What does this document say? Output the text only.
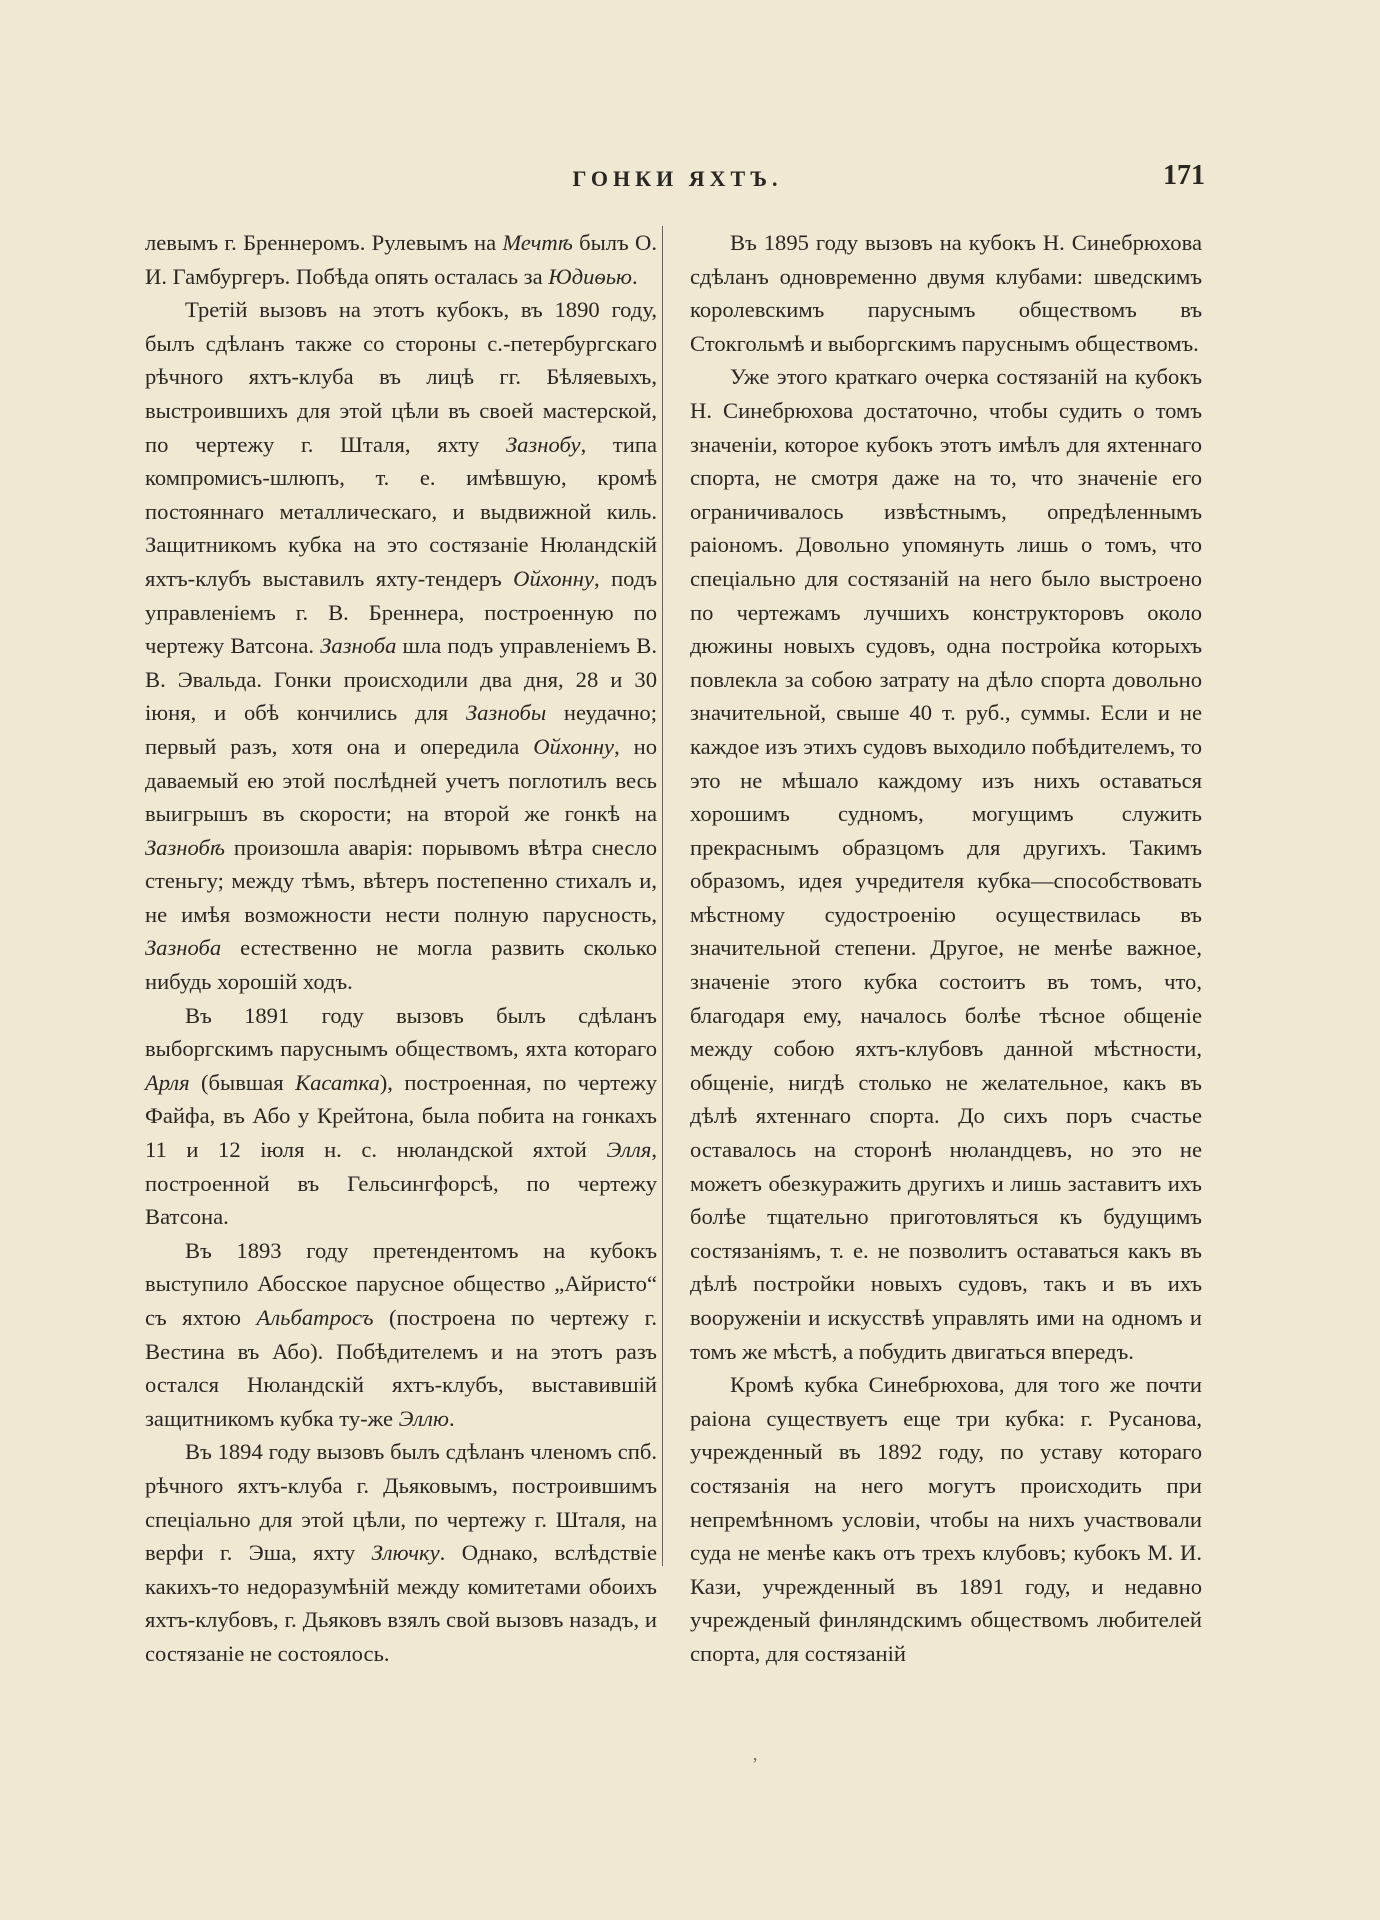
ГОНКИ ЯХТЪ.	171

левымъ г. Бреннеромъ. Рулевымъ на Мечтѣ былъ О. И. Гамбургеръ. Побѣда опять осталась за Юдиѳью.

Третій вызовъ на этотъ кубокъ, въ 1890 году, былъ сдѣланъ также со стороны с.-петербургскаго рѣчного яхтъ-клуба въ лицѣ гг. Бѣляевыхъ, выстроившихъ для этой цѣли въ своей мастерской, по чертежу г. Шталя, яхту Зазнобу, типа компромисъ-шлюпъ, т. е. имѣвшую, кромѣ постояннаго металлическаго, и выдвижной киль. Защитникомъ кубка на это состязаніе Нюландскій яхтъ-клубъ выставилъ яхту-тендеръ Ойхонну, подъ управленіемъ г. В. Бреннера, построенную по чертежу Ватсона. Зазноба шла подъ управленіемъ В. В. Эвальда. Гонки происходили два дня, 28 и 30 іюня, и обѣ кончились для Зазнобы неудачно; первый разъ, хотя она и опередила Ойхонну, но даваемый ею этой послѣдней учетъ поглотилъ весь выигрышъ въ скорости; на второй же гонкѣ на Зазнобѣ произошла аварія: порывомъ вѣтра снесло стеньгу; между тѣмъ, вѣтеръ постепенно стихалъ и, не имѣя возможности нести полную парусность, Зазноба естественно не могла развить сколько нибудь хорошій ходъ.

Въ 1891 году вызовъ былъ сдѣланъ выборгскимъ паруснымъ обществомъ, яхта котораго Арля (бывшая Касатка), построенная, по чертежу Файфа, въ Або у Крейтона, была побита на гонкахъ 11 и 12 іюля н. с. нюландской яхтой Элля, построенной въ Гельсингфорсѣ, по чертежу Ватсона.

Въ 1893 году претендентомъ на кубокъ выступило Абосское парусное общество „Айристо“ съ яхтою Альбатросъ (построена по чертежу г. Вестина въ Або). Побѣдителемъ и на этотъ разъ остался Нюландскій яхтъ-клубъ, выставившій защитникомъ кубка ту-же Эллю.

Въ 1894 году вызовъ былъ сдѣланъ членомъ спб. рѣчного яхтъ-клуба г. Дьяковымъ, построившимъ спеціально для этой цѣли, по чертежу г. Шталя, на верфи г. Эша, яхту Злючку. Однако, вслѣдствіе какихъ-то недоразумѣній между комитетами обоихъ яхтъ-клубовъ, г. Дьяковъ взялъ свой вызовъ назадъ, и состязаніе не состоялось.

Въ 1895 году вызовъ на кубокъ Н. Синебрюхова сдѣланъ одновременно двумя клубами: шведскимъ королевскимъ паруснымъ обществомъ въ Стокгольмѣ и выборгскимъ паруснымъ обществомъ.

Уже этого краткаго очерка состязаній на кубокъ Н. Синебрюхова достаточно, чтобы судить о томъ значеніи, которое кубокъ этотъ имѣлъ для яхтеннаго спорта, не смотря даже на то, что значеніе его ограничивалось извѣстнымъ, опредѣленнымъ раіономъ. Довольно упомянуть лишь о томъ, что спеціально для состязаній на него было выстроено по чертежамъ лучшихъ конструкторовъ около дюжины новыхъ судовъ, одна постройка которыхъ повлекла за собою затрату на дѣло спорта довольно значительной, свыше 40 т. руб., суммы. Если и не каждое изъ этихъ судовъ выходило побѣдителемъ, то это не мѣшало каждому изъ нихъ оставаться хорошимъ судномъ, могущимъ служить прекраснымъ образцомъ для другихъ. Такимъ образомъ, идея учредителя кубка—способствовать мѣстному судостроенію осуществилась въ значительной степени. Другое, не менѣе важное, значеніе этого кубка состоитъ въ томъ, что, благодаря ему, началось болѣе тѣсное общеніе между собою яхтъ-клубовъ данной мѣстности, общеніе, нигдѣ столько не желательное, какъ въ дѣлѣ яхтеннаго спорта. До сихъ поръ счастье оставалось на сторонѣ нюландцевъ, но это не можетъ обезкуражить другихъ и лишь заставитъ ихъ болѣе тщательно приготовляться къ будущимъ состязаніямъ, т. е. не позволитъ оставаться какъ въ дѣлѣ постройки новыхъ судовъ, такъ и въ ихъ вооруженіи и искусствѣ управлять ими на одномъ и томъ же мѣстѣ, а побудить двигаться впередъ.

Кромѣ кубка Синебрюхова, для того же почти раіона существуетъ еще три кубка: г. Русанова, учрежденный въ 1892 году, по уставу котораго состязанія на него могутъ происходить при непремѣнномъ условіи, чтобы на нихъ участвовали суда не менѣе какъ отъ трехъ клубовъ; кубокъ М. И. Кази, учрежденный въ 1891 году, и недавно учрежденый финляндскимъ обществомъ любителей спорта, для состязаній

‚
